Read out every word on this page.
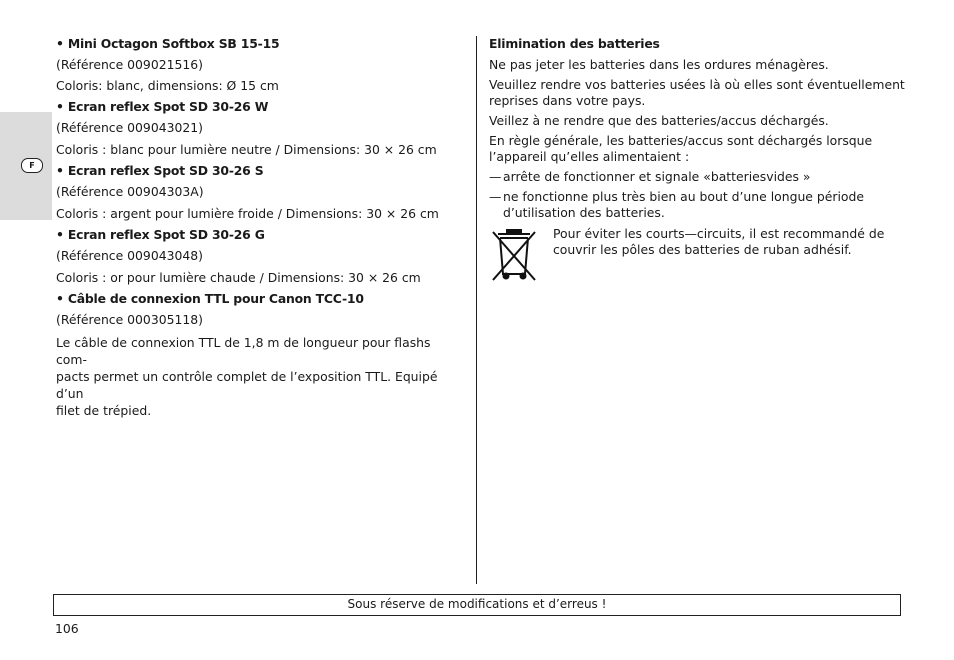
F

• Mini Octagon Softbox SB 15-15

(Référence 009021516)

Coloris: blanc, dimensions: Ø 15 cm

• Ecran reflex Spot SD 30-26 W

(Référence 009043021)

Coloris : blanc pour lumière neutre / Dimensions: 30 × 26 cm

• Ecran reflex Spot SD 30-26 S

(Référence 00904303A)

Coloris : argent pour lumière froide / Dimensions: 30 × 26 cm

• Ecran reflex Spot SD 30-26 G

(Référence 009043048)

Coloris : or pour lumière chaude / Dimensions: 30 × 26 cm

• Câble de connexion TTL pour Canon TCC-10

(Référence 000305118)

Le câble de connexion TTL de 1,8 m de longueur pour flashs com-

pacts permet un contrôle complet de l’exposition TTL. Equipé d’un

filet de trépied.

Elimination des batteries

Ne pas jeter les batteries dans les ordures ménagères.

Veuillez rendre vos batteries usées là où elles sont éventuellement

reprises dans votre pays.

Veillez à ne rendre que des batteries/accus déchargés.

En règle générale, les batteries/accus sont déchargés lorsque

l’appareil qu’elles alimentaient :

— arrête de fonctionner et signale «batteriesvides »
— ne fonctionne plus très bien au bout d’une longue période
d’utilisation des batteries.

Pour éviter les courts—circuits, il est recommandé de

couvrir les pôles des batteries de ruban adhésif.

Sous réserve de modifications et d’erreus !
106
